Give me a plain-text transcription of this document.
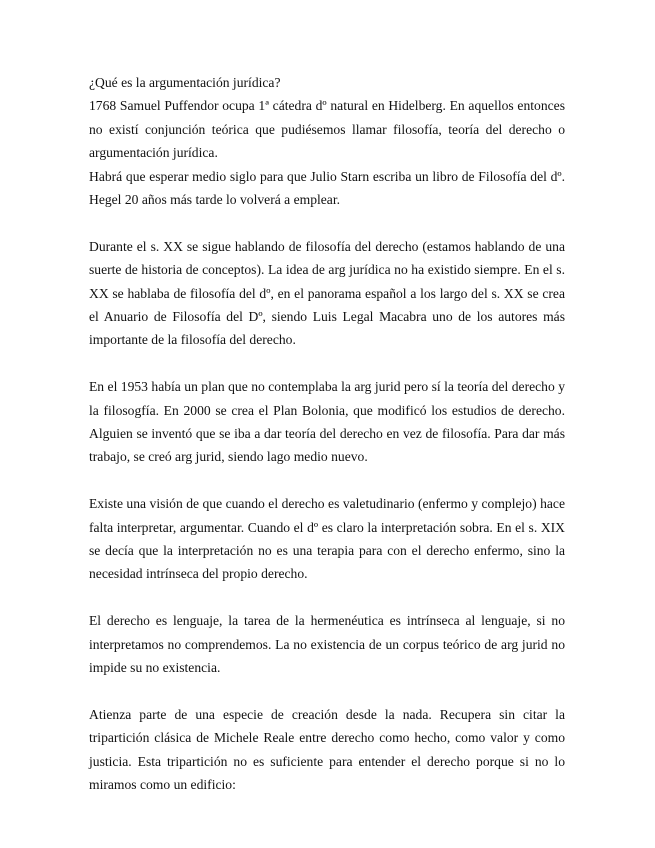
¿Qué es la argumentación jurídica?

1768 Samuel Puffendor ocupa 1ª cátedra dº natural en Hidelberg. En aquellos entonces no existí conjunción teórica que pudiésemos llamar filosofía, teoría del derecho o argumentación jurídica.

Habrá que esperar medio siglo para que Julio Starn escriba un libro de Filosofía del dº. Hegel 20 años más tarde lo volverá a emplear.

Durante el s. XX se sigue hablando de filosofía del derecho (estamos hablando de una suerte de historia de conceptos). La idea de arg jurídica no ha existido siempre. En el s. XX se hablaba de filosofía del dº, en el panorama español a los largo del s. XX se crea el Anuario de Filosofía del Dº, siendo Luis Legal Macabra uno de los autores más importante de la filosofía del derecho.

En el 1953 había un plan que no contemplaba la arg jurid pero sí la teoría del derecho y la filosogfía. En 2000 se crea el Plan Bolonia, que modificó los estudios de derecho. Alguien se inventó que se iba a dar teoría del derecho en vez de filosofía. Para dar más trabajo, se creó arg jurid, siendo lago medio nuevo.

Existe una visión de que cuando el derecho es valetudinario (enfermo y complejo) hace falta interpretar, argumentar. Cuando el dº es claro la interpretación sobra. En el s. XIX se decía que la interpretación no es una terapia para con el derecho enfermo, sino la necesidad intrínseca del propio derecho.

El derecho es lenguaje, la tarea de la hermenéutica es intrínseca al lenguaje, si no interpretamos no comprendemos. La no existencia de un corpus teórico de arg jurid no impide su no existencia.

Atienza parte de una especie de creación desde la nada. Recupera sin citar la tripartición clásica de Michele Reale entre derecho como hecho, como valor y como justicia. Esta tripartición no es suficiente para entender el derecho porque si no lo miramos como un edificio:
